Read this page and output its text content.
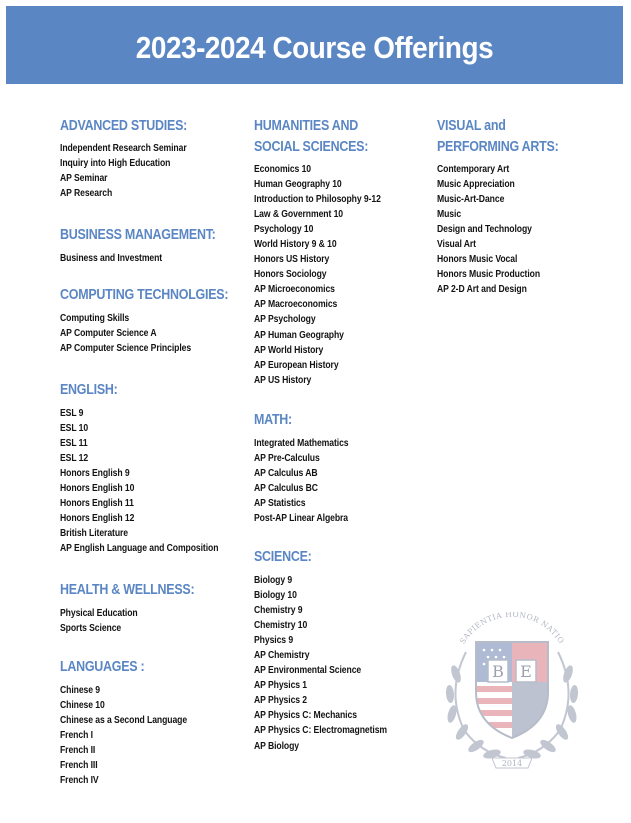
2023-2024 Course Offerings
ADVANCED STUDIES:
Independent Research Seminar
Inquiry into High Education
AP Seminar
AP Research
BUSINESS MANAGEMENT:
Business and Investment
COMPUTING TECHNOLGIES:
Computing Skills
AP Computer Science A
AP Computer Science Principles
ENGLISH:
ESL 9
ESL 10
ESL 11
ESL 12
Honors English 9
Honors English 10
Honors English 11
Honors English 12
British Literature
AP English Language and Composition
HEALTH & WELLNESS:
Physical Education
Sports Science
LANGUAGES :
Chinese 9
Chinese 10
Chinese as a Second Language
French I
French II
French III
French IV
HUMANITIES AND
SOCIAL SCIENCES:
Economics 10
Human Geography 10
Introduction to Philosophy 9-12
Law & Government 10
Psychology 10
World History 9 & 10
Honors US History
Honors Sociology
AP Microeconomics
AP Macroeconomics
AP Psychology
AP Human Geography
AP World History
AP European History
AP US History
MATH:
Integrated Mathematics
AP Pre-Calculus
AP Calculus AB
AP Calculus BC
AP Statistics
Post-AP Linear Algebra
SCIENCE:
Biology 9
Biology 10
Chemistry 9
Chemistry 10
Physics 9
AP Chemistry
AP Environmental Science
AP Physics 1
AP Physics 2
AP Physics C: Mechanics
AP Physics C: Electromagnetism
AP Biology
VISUAL and
PERFORMING ARTS:
Contemporary Art
Music Appreciation
Music-Art-Dance
Music
Design and Technology
Visual Art
Honors Music Vocal
Honors Music Production
AP 2-D Art and Design
B E
SAPIENTIA HONOR NATIO
2014
